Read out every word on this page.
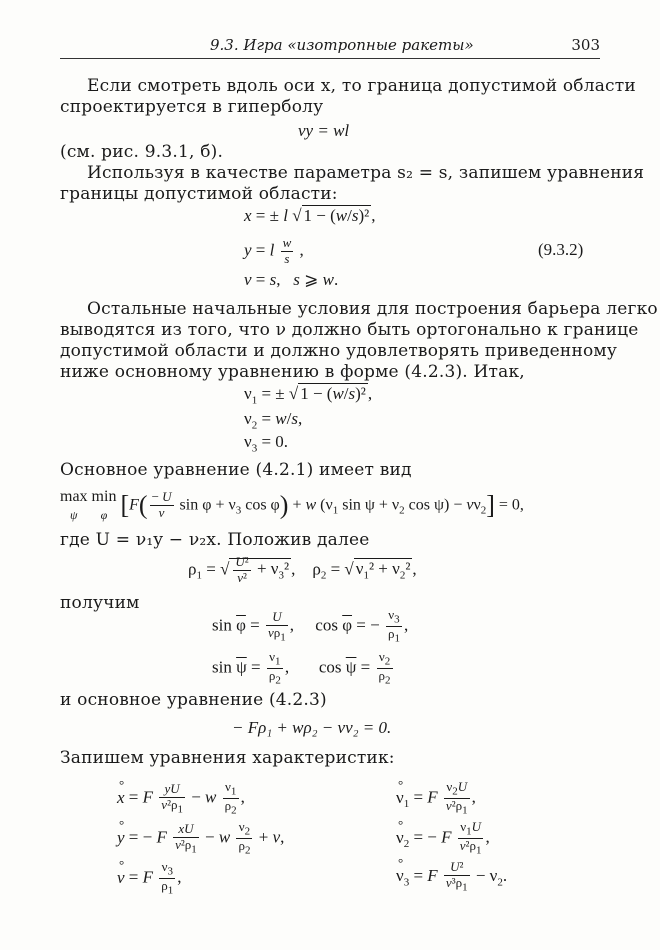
9.3. Игра «изотропные ракеты»	303
Если смотреть вдоль оси x, то граница допустимой области
спроектируется в гиперболу
vy = wl
(см. рис. 9.3.1, б).
Используя в качестве параметра s₂ = s, запишем уравнения
границы допустимой области:
x = ± l √ 1 − (w/s)² ,
y = l $\frac{w}{s}$ ,
v = s,   s ⩾ w.
(9.3.2)
Остальные начальные условия для построения барьера легко
выводятся из того, что ν должно быть ортогонально к границе
допустимой области и должно удовлетворять приведенному
ниже основному уравнению в форме (4.2.3). Итак,
$\nu_1$ = ± √ 1 − (w/s)² ,
$\nu_2 = w/s$,
$\nu_3 = 0$.
Основное уравнение (4.2.1) имеет вид
max
ψ min
φ [$F( \frac{- U}{v}$ $\sin \varphi + \nu_3$ cos φ) + w ($\nu_1$ $\sin \psi + \nu_2$ $\cos \psi) - v\nu_2] = 0$,
где U = ν₁y − ν₂x. Положив далее
$\rho_1$ = √ $\frac{\text{U²}}{\text{v²}} + \nu_3^2$ ,    $\rho_2$ = √ $\nu_1^2 + \nu_2^2$ ,
получим
$\sin \overline{\varphi} = \frac{U}{v\rho_1}$ ,     $\cos \overline{\varphi}$ = − $\frac{\nu_3}{\rho_1}$ ,
$\sin \overline{\psi} = \frac{\nu_1}{\rho_2}$ ,       $\cos \overline{\psi} = \frac{\nu_2}{\rho_2}$
и основное уравнение (4.2.3)
− Fρ₁ + wρ₂ − vν₂ = 0.
Запишем уравнения характеристик:
° x = F $\frac{yU}{v^2\rho_1} - w \frac{\nu_1}{\rho_2}$ ,
° y = − F $\frac{xU}{v^2\rho_1} - w \frac{\nu_2}{\rho_2} + v$,
° v = F $\frac{\nu_3}{\rho_1}$ ,
° $\nu_1 = F \frac{\nu_2U}{v^2\rho_1}$ ,
° $\nu_2$ = − F $\frac{\nu_1U}{v^2\rho_1}$ ,
° $\nu_3 = F \frac{\text{U²}}{v^3\rho_1} - \nu_2$.
